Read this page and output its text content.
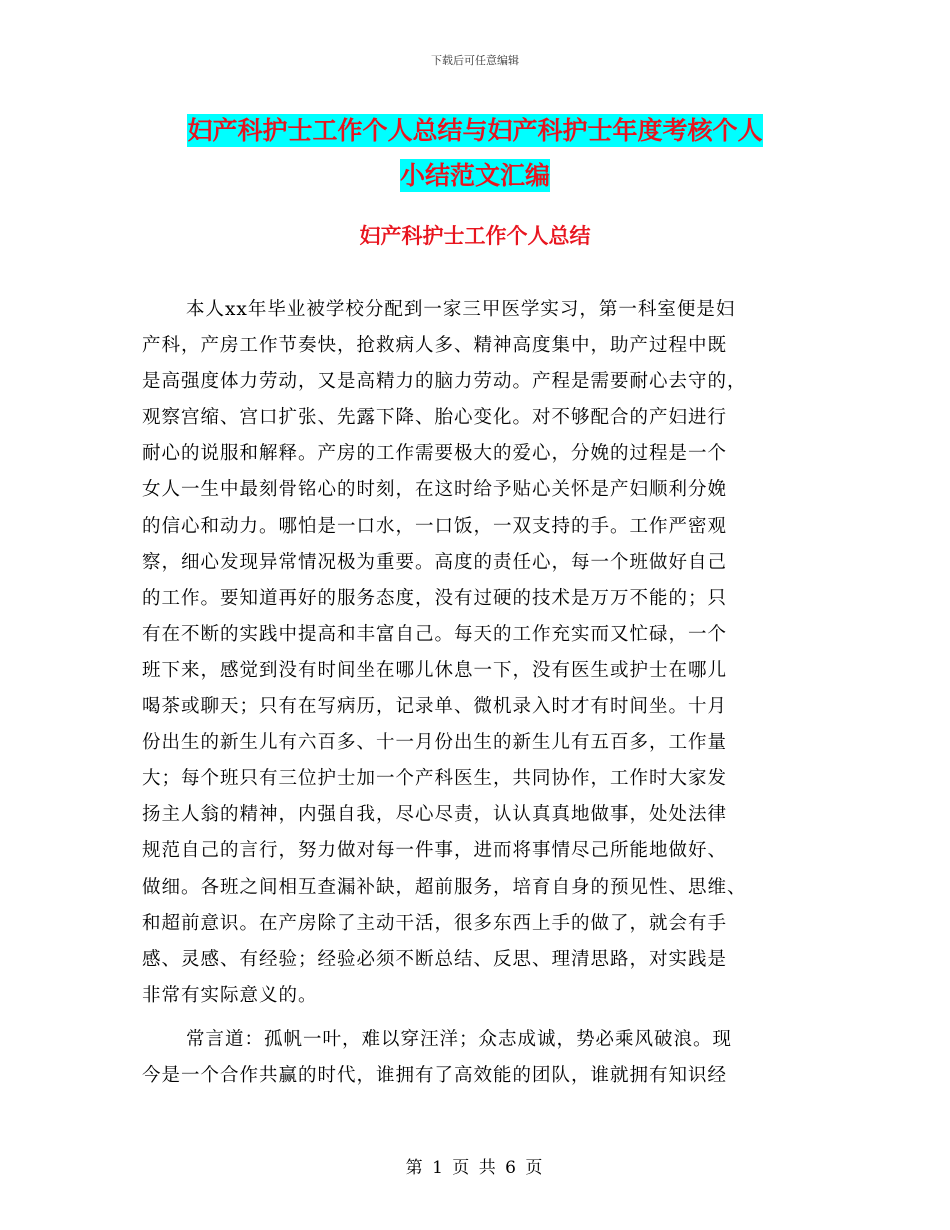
下载后可任意编辑
妇产科护士工作个人总结与妇产科护士年度考核个人
小结范文汇编
妇产科护士工作个人总结
本人xx年毕业被学校分配到一家三甲医学实习，第一科室便是妇
产科，产房工作节奏快，抢救病人多、精神高度集中，助产过程中既
是高强度体力劳动，又是高精力的脑力劳动。产程是需要耐心去守的，
观察宫缩、宫口扩张、先露下降、胎心变化。对不够配合的产妇进行
耐心的说服和解释。产房的工作需要极大的爱心，分娩的过程是一个
女人一生中最刻骨铭心的时刻，在这时给予贴心关怀是产妇顺利分娩
的信心和动力。哪怕是一口水，一口饭，一双支持的手。工作严密观
察，细心发现异常情况极为重要。高度的责任心，每一个班做好自己
的工作。要知道再好的服务态度，没有过硬的技术是万万不能的；只
有在不断的实践中提高和丰富自己。每天的工作充实而又忙碌，一个
班下来，感觉到没有时间坐在哪儿休息一下，没有医生或护士在哪儿
喝茶或聊天；只有在写病历，记录单、微机录入时才有时间坐。十月
份出生的新生儿有六百多、十一月份出生的新生儿有五百多，工作量
大；每个班只有三位护士加一个产科医生，共同协作，工作时大家发
扬主人翁的精神，内强自我，尽心尽责，认认真真地做事，处处法律
规范自己的言行，努力做对每一件事，进而将事情尽己所能地做好、
做细。各班之间相互查漏补缺，超前服务，培育自身的预见性、思维、
和超前意识。在产房除了主动干活，很多东西上手的做了，就会有手
感、灵感、有经验；经验必须不断总结、反思、理清思路，对实践是
非常有实际意义的。
常言道：孤帆一叶，难以穿汪洋；众志成诚，势必乘风破浪。现
今是一个合作共赢的时代，谁拥有了高效能的团队，谁就拥有知识经
第 1 页 共 6 页
